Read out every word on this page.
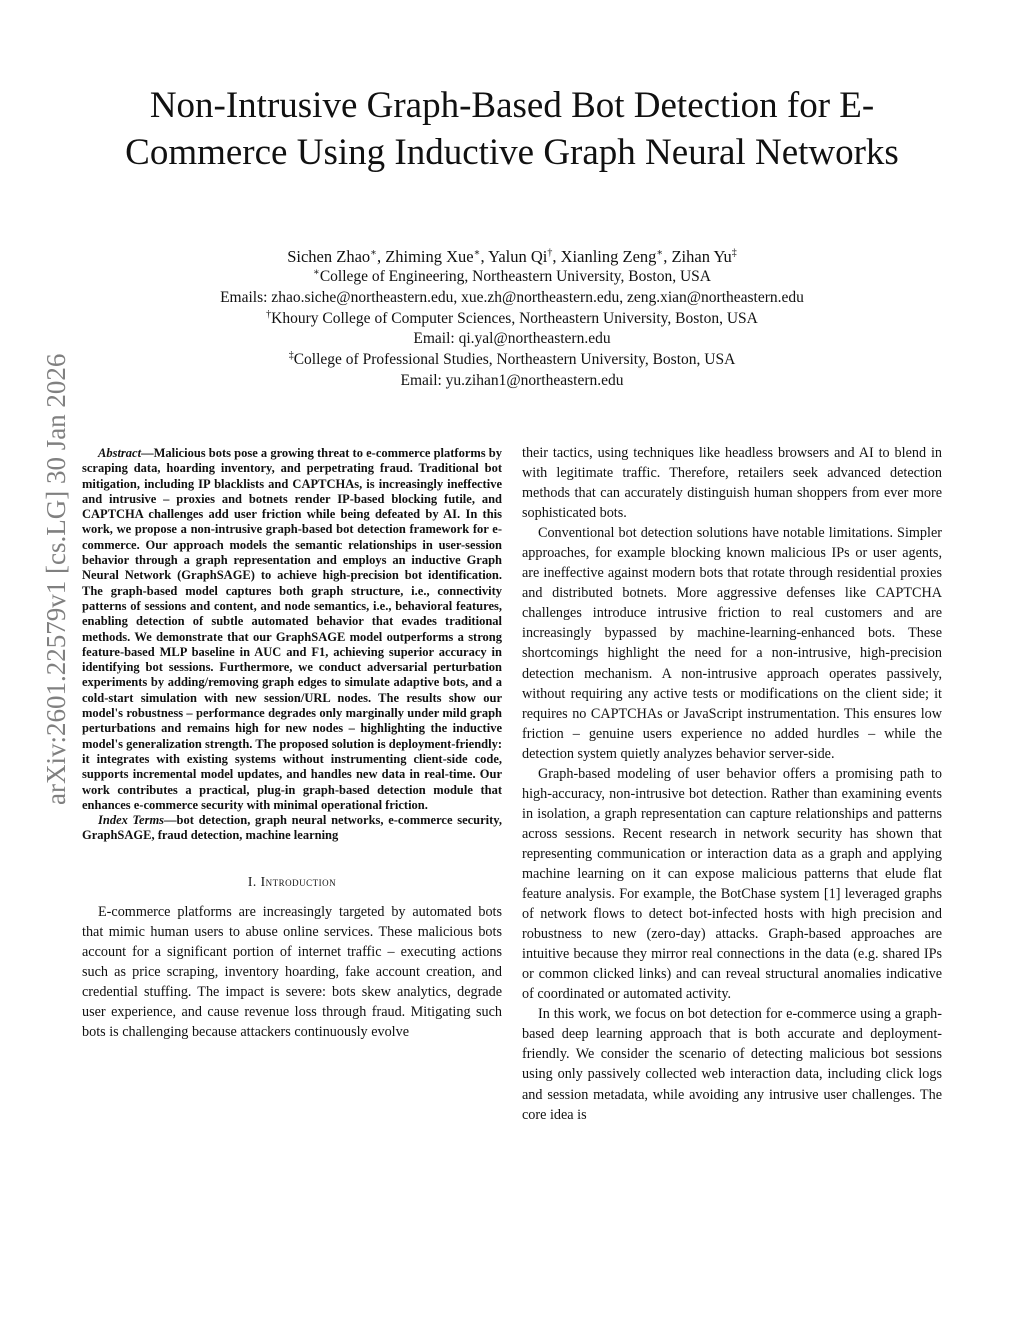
arXiv:2601.22579v1 [cs.LG] 30 Jan 2026
Non-Intrusive Graph-Based Bot Detection for E-Commerce Using Inductive Graph Neural Networks
Sichen Zhao∗, Zhiming Xue∗, Yalun Qi†, Xianling Zeng∗, Zihan Yu‡
∗College of Engineering, Northeastern University, Boston, USA
Emails: zhao.siche@northeastern.edu, xue.zh@northeastern.edu, zeng.xian@northeastern.edu
†Khoury College of Computer Sciences, Northeastern University, Boston, USA
Email: qi.yal@northeastern.edu
‡College of Professional Studies, Northeastern University, Boston, USA
Email: yu.zihan1@northeastern.edu

Abstract—Malicious bots pose a growing threat to e-commerce platforms by scraping data, hoarding inventory, and perpetrating fraud. Traditional bot mitigation, including IP blacklists and CAPTCHAs, is increasingly ineffective and intrusive – proxies and botnets render IP-based blocking futile, and CAPTCHA challenges add user friction while being defeated by AI. In this work, we propose a non-intrusive graph-based bot detection framework for e-commerce. Our approach models the semantic relationships in user-session behavior through a graph representation and employs an inductive Graph Neural Network (GraphSAGE) to achieve high-precision bot identification. The graph-based model captures both graph structure, i.e., connectivity patterns of sessions and content, and node semantics, i.e., behavioral features, enabling detection of subtle automated behavior that evades traditional methods. We demonstrate that our GraphSAGE model outperforms a strong feature-based MLP baseline in AUC and F1, achieving superior accuracy in identifying bot sessions. Furthermore, we conduct adversarial perturbation experiments by adding/removing graph edges to simulate adaptive bots, and a cold-start simulation with new session/URL nodes. The results show our model's robustness – performance degrades only marginally under mild graph perturbations and remains high for new nodes – highlighting the inductive model's generalization strength. The proposed solution is deployment-friendly: it integrates with existing systems without instrumenting client-side code, supports incremental model updates, and handles new data in real-time. Our work contributes a practical, plug-in graph-based detection module that enhances e-commerce security with minimal operational friction.

Index Terms—bot detection, graph neural networks, e-commerce security, GraphSAGE, fraud detection, machine learning

I. Introduction

E-commerce platforms are increasingly targeted by automated bots that mimic human users to abuse online services. These malicious bots account for a significant portion of internet traffic – executing actions such as price scraping, inventory hoarding, fake account creation, and credential stuffing. The impact is severe: bots skew analytics, degrade user experience, and cause revenue loss through fraud. Mitigating such bots is challenging because attackers continuously evolve

their tactics, using techniques like headless browsers and AI to blend in with legitimate traffic. Therefore, retailers seek advanced detection methods that can accurately distinguish human shoppers from ever more sophisticated bots.

Conventional bot detection solutions have notable limitations. Simpler approaches, for example blocking known malicious IPs or user agents, are ineffective against modern bots that rotate through residential proxies and distributed botnets. More aggressive defenses like CAPTCHA challenges introduce intrusive friction to real customers and are increasingly bypassed by machine-learning-enhanced bots. These shortcomings highlight the need for a non-intrusive, high-precision detection mechanism. A non-intrusive approach operates passively, without requiring any active tests or modifications on the client side; it requires no CAPTCHAs or JavaScript instrumentation. This ensures low friction – genuine users experience no added hurdles – while the detection system quietly analyzes behavior server-side.

Graph-based modeling of user behavior offers a promising path to high-accuracy, non-intrusive bot detection. Rather than examining events in isolation, a graph representation can capture relationships and patterns across sessions. Recent research in network security has shown that representing communication or interaction data as a graph and applying machine learning on it can expose malicious patterns that elude flat feature analysis. For example, the BotChase system [1] leveraged graphs of network flows to detect bot-infected hosts with high precision and robustness to new (zero-day) attacks. Graph-based approaches are intuitive because they mirror real connections in the data (e.g. shared IPs or common clicked links) and can reveal structural anomalies indicative of coordinated or automated activity.

In this work, we focus on bot detection for e-commerce using a graph-based deep learning approach that is both accurate and deployment-friendly. We consider the scenario of detecting malicious bot sessions using only passively collected web interaction data, including click logs and session metadata, while avoiding any intrusive user challenges. The core idea is
